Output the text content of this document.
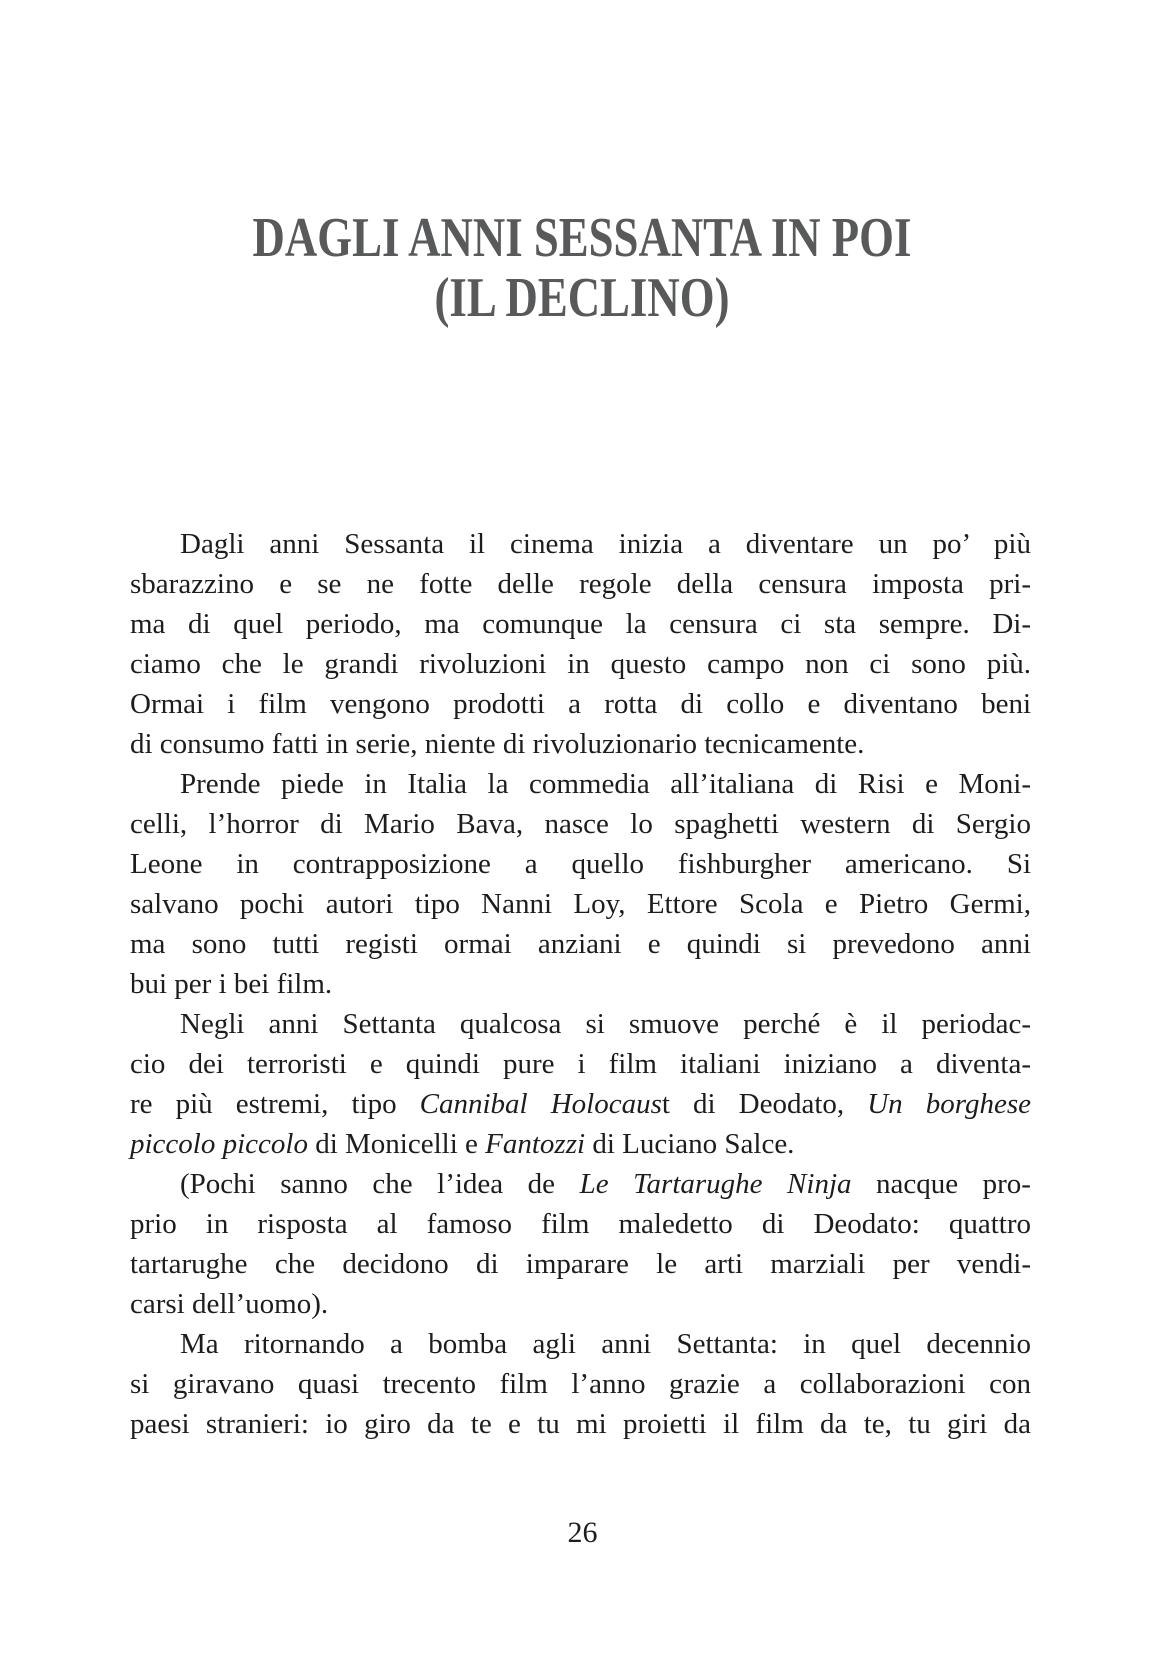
DAGLI ANNI SESSANTA IN POI
(IL DECLINO)
Dagli anni Sessanta il cinema inizia a diventare un po’ più
sbarazzino e se ne fotte delle regole della censura imposta pri-
ma di quel periodo, ma comunque la censura ci sta sempre. Di-
ciamo che le grandi rivoluzioni in questo campo non ci sono più.
Ormai i film vengono prodotti a rotta di collo e diventano beni
di consumo fatti in serie, niente di rivoluzionario tecnicamente.
Prende piede in Italia la commedia all’italiana di Risi e Moni-
celli, l’horror di Mario Bava, nasce lo spaghetti western di Sergio
Leone in contrapposizione a quello fishburgher americano. Si
salvano pochi autori tipo Nanni Loy, Ettore Scola e Pietro Germi,
ma sono tutti registi ormai anziani e quindi si prevedono anni
bui per i bei film.
Negli anni Settanta qualcosa si smuove perché è il periodac-
cio dei terroristi e quindi pure i film italiani iniziano a diventa-
re più estremi, tipo Cannibal Holocaust di Deodato, Un borghese
piccolo piccolo di Monicelli e Fantozzi di Luciano Salce.
(Pochi sanno che l’idea de Le Tartarughe Ninja nacque pro-
prio in risposta al famoso film maledetto di Deodato: quattro
tartarughe che decidono di imparare le arti marziali per vendi-
carsi dell’uomo).
Ma ritornando a bomba agli anni Settanta: in quel decennio
si giravano quasi trecento film l’anno grazie a collaborazioni con
paesi stranieri: io giro da te e tu mi proietti il film da te, tu giri da
26
